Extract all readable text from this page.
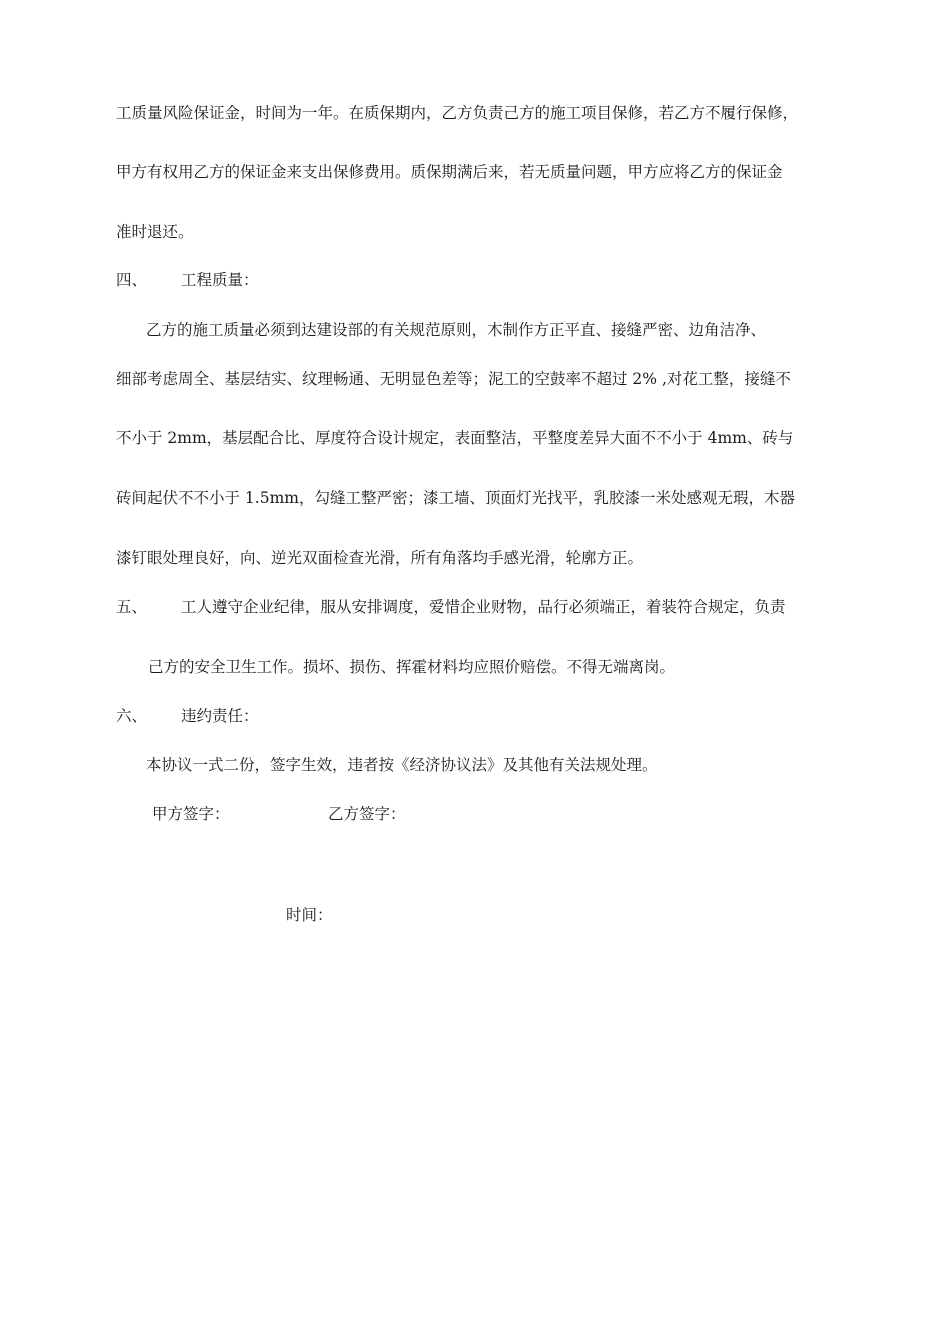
工质量风险保证金，时间为一年。在质保期内，乙方负责己方的施工项目保修，若乙方不履行保修，
甲方有权用乙方的保证金来支出保修费用。质保期满后来，若无质量问题，甲方应将乙方的保证金
准时退还。
四、 工程质量：
乙方的施工质量必须到达建设部的有关规范原则，木制作方正平直、接缝严密、边角洁净、
细部考虑周全、基层结实、纹理畅通、无明显色差等；泥工的空鼓率不超过 2% ,对花工整，接缝不
不小于 2mm，基层配合比、厚度符合设计规定，表面整洁，平整度差异大面不不小于 4mm、砖与
砖间起伏不不小于 1.5mm，勾缝工整严密；漆工墙、顶面灯光找平，乳胶漆一米处感观无瑕，木器
漆钉眼处理良好，向、逆光双面检查光滑，所有角落均手感光滑，轮廓方正。
五、 工人遵守企业纪律，服从安排调度，爱惜企业财物，品行必须端正，着装符合规定，负责
己方的安全卫生工作。损坏、损伤、挥霍材料均应照价赔偿。不得无端离岗。
六、 违约责任：
本协议一式二份，签字生效，违者按《经济协议法》及其他有关法规处理。
甲方签字：	乙方签字：
时间：
